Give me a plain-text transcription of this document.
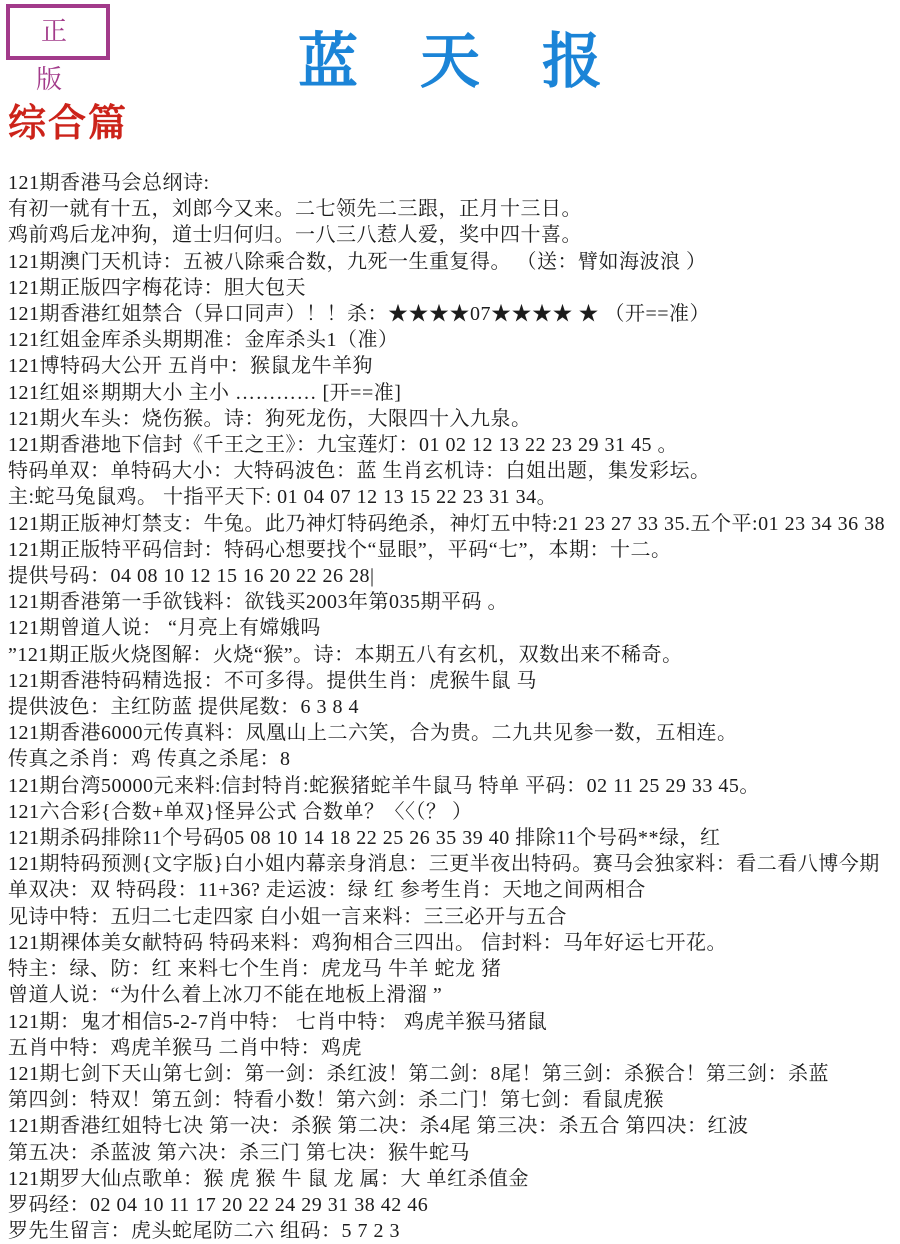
正 版	蓝天报
综合篇
121期香港马会总纲诗:
有初一就有十五，刘郎今又来。二七领先二三跟，正月十三日。
鸡前鸡后龙冲狗，道士归何归。一八三八惹人爱，奖中四十喜。
121期澳门天机诗：五被八除乘合数，九死一生重复得。 （送：臂如海波浪 ）
121期正版四字梅花诗：胆大包天
121期香港红姐禁合（异口同声）！！杀：★★★★07★★★★ ★ （开==准）
121红姐金库杀头期期准：金库杀头1（准）
121博特码大公开 五肖中：猴鼠龙牛羊狗
121红姐※期期大小 主小 ………… [开==准]
121期火车头：烧伤猴。诗：狗死龙伤，大限四十入九泉。
121期香港地下信封《千王之王》：九宝莲灯：01 02 12 13 22 23 29 31 45 。
特码单双：单特码大小：大特码波色：蓝 生肖玄机诗：白姐出题，集发彩坛。
主:蛇马兔鼠鸡。 十指平天下: 01 04 07 12 13 15 22 23 31 34。
121期正版神灯禁支：牛兔。此乃神灯特码绝杀，神灯五中特:21 23 27 33 35.五个平:01 23 34 36 38
121期正版特平码信封：特码心想要找个“显眼”，平码“七”，本期：十二。
提供号码：04 08 10 12 15 16 20 22 26 28|
121期香港第一手欲钱料：欲钱买2003年第035期平码 。
121期曾道人说： “月亮上有嫦娥吗
”121期正版火烧图解：火烧“猴”。诗：本期五八有玄机，双数出来不稀奇。
121期香港特码精选报：不可多得。提供生肖：虎猴牛鼠 马
提供波色：主红防蓝 提供尾数：6 3 8 4
121期香港6000元传真料：凤凰山上二六笑，合为贵。二九共见参一数，五相连。
传真之杀肖：鸡 传真之杀尾：8
121期台湾50000元来料:信封特肖:蛇猴猪蛇羊牛鼠马 特单 平码：02 11 25 29 33 45。
121六合彩{合数+单双}怪异公式 合数单？〈〈（？ ）
121期杀码排除11个号码05 08 10 14 18 22 25 26 35 39 40 排除11个号码**绿，红
121期特码预测{文字版}白小姐内幕亲身消息：三更半夜出特码。赛马会独家料：看二看八博今期
单双决：双 特码段：11+36? 走运波：绿 红 参考生肖：天地之间两相合
见诗中特：五归二七走四家 白小姐一言来料：三三必开与五合
121期裸体美女献特码 特码来料：鸡狗相合三四出。 信封料：马年好运七开花。
特主：绿、防：红 来料七个生肖：虎龙马 牛羊 蛇龙 猪
曾道人说：“为什么着上冰刀不能在地板上滑溜 ”
121期：鬼才相信5-2-7肖中特： 七肖中特： 鸡虎羊猴马猪鼠
五肖中特：鸡虎羊猴马 二肖中特：鸡虎
121期七剑下天山第七剑：第一剑：杀红波！第二剑：8尾！第三剑：杀猴合！第三剑：杀蓝
第四剑：特双！第五剑：特看小数！第六剑：杀二门！第七剑：看鼠虎猴
121期香港红姐特七决 第一决：杀猴 第二决：杀4尾 第三决：杀五合 第四决：红波
第五决：杀蓝波 第六决：杀三门 第七决：猴牛蛇马
121期罗大仙点歌单：猴 虎 猴 牛 鼠 龙 属：大 单红杀值金
罗码经：02 04 10 11 17 20 22 24 29 31 38 42 46
罗先生留言：虎头蛇尾防二六 组码：5 7 2 3
